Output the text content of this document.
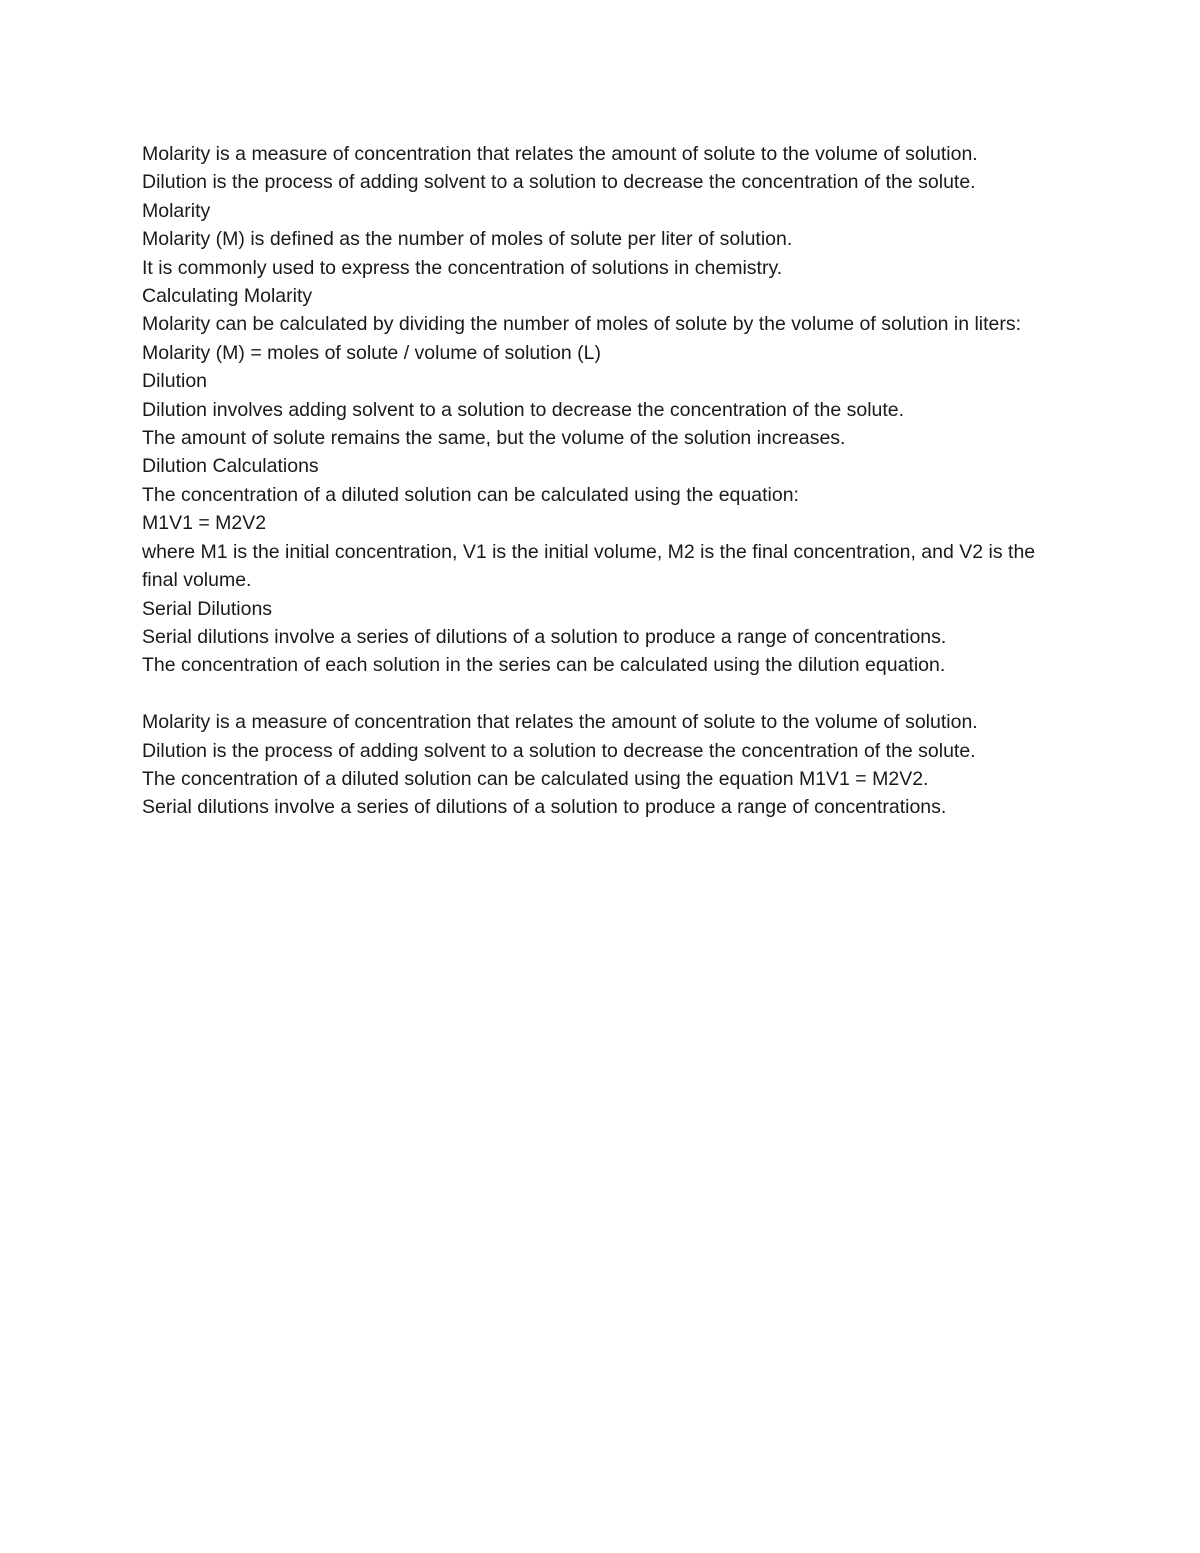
Molarity is a measure of concentration that relates the amount of solute to the volume of solution.

Dilution is the process of adding solvent to a solution to decrease the concentration of the solute.

Molarity

Molarity (M) is defined as the number of moles of solute per liter of solution.

It is commonly used to express the concentration of solutions in chemistry.

Calculating Molarity

Molarity can be calculated by dividing the number of moles of solute by the volume of solution in liters:

Molarity (M) = moles of solute / volume of solution (L)

Dilution

Dilution involves adding solvent to a solution to decrease the concentration of the solute.

The amount of solute remains the same, but the volume of the solution increases.

Dilution Calculations

The concentration of a diluted solution can be calculated using the equation:

M1V1 = M2V2

where M1 is the initial concentration, V1 is the initial volume, M2 is the final concentration, and V2 is the final volume.

Serial Dilutions

Serial dilutions involve a series of dilutions of a solution to produce a range of concentrations.

The concentration of each solution in the series can be calculated using the dilution equation.

Molarity is a measure of concentration that relates the amount of solute to the volume of solution.

Dilution is the process of adding solvent to a solution to decrease the concentration of the solute.

The concentration of a diluted solution can be calculated using the equation M1V1 = M2V2.

Serial dilutions involve a series of dilutions of a solution to produce a range of concentrations.
